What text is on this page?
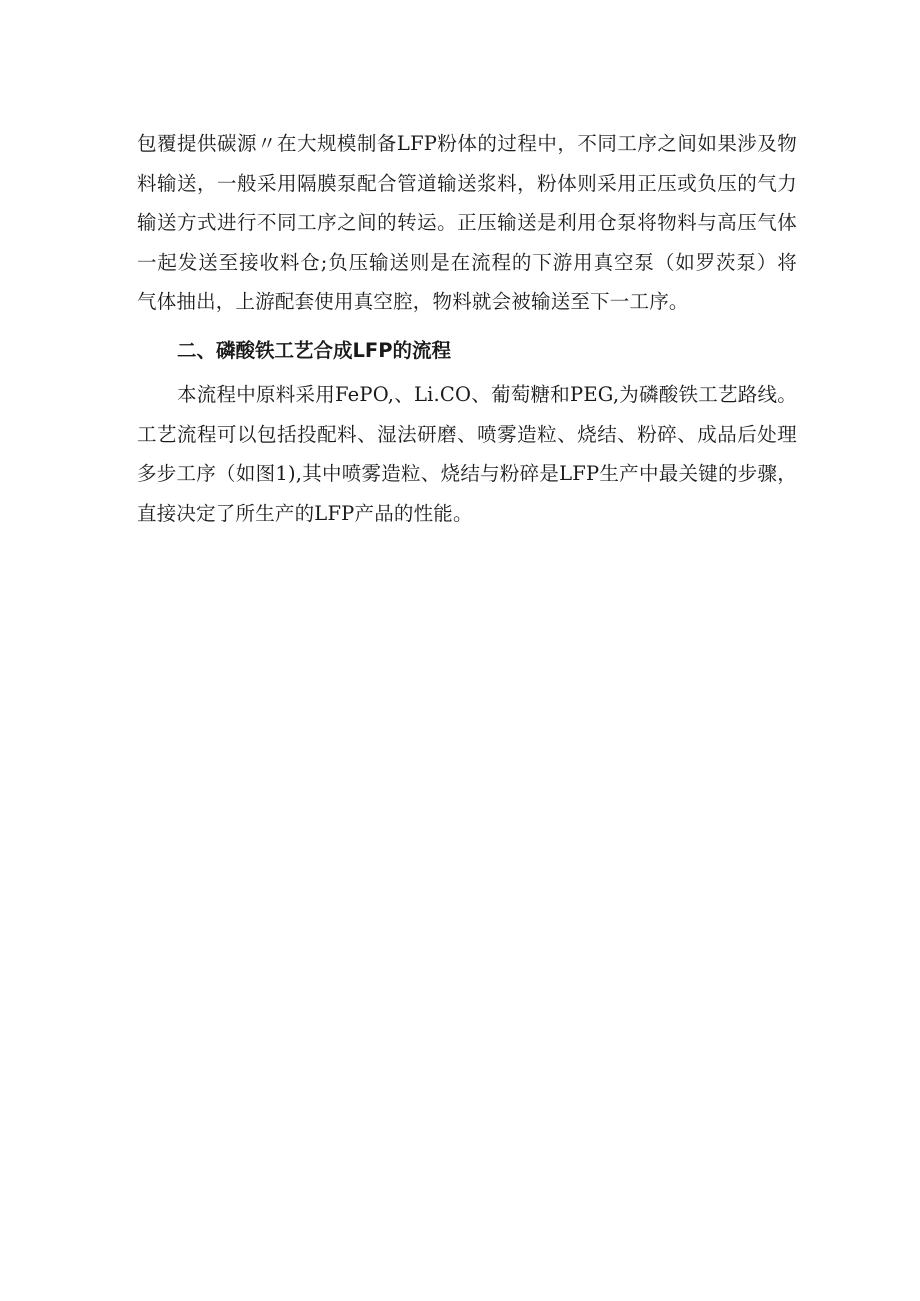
包覆提供碳源〃在大规模制备LFP粉体的过程中，不同工序之间如果涉及物
料输送，一般采用隔膜泵配合管道输送浆料，粉体则采用正压或负压的气力
输送方式进行不同工序之间的转运。正压输送是利用仓泵将物料与高压气体
一起发送至接收料仓;负压输送则是在流程的下游用真空泵（如罗茨泵）将
气体抽出，上游配套使用真空腔，物料就会被输送至下一工序。
二、磷酸铁工艺合成LFP的流程
本流程中原料采用FePO,、Li.CO、葡萄糖和PEG,为磷酸铁工艺路线。
工艺流程可以包括投配料、湿法研磨、喷雾造粒、烧结、粉碎、成品后处理
多步工序（如图1),其中喷雾造粒、烧结与粉碎是LFP生产中最关键的步骤，
直接决定了所生产的LFP产品的性能。
